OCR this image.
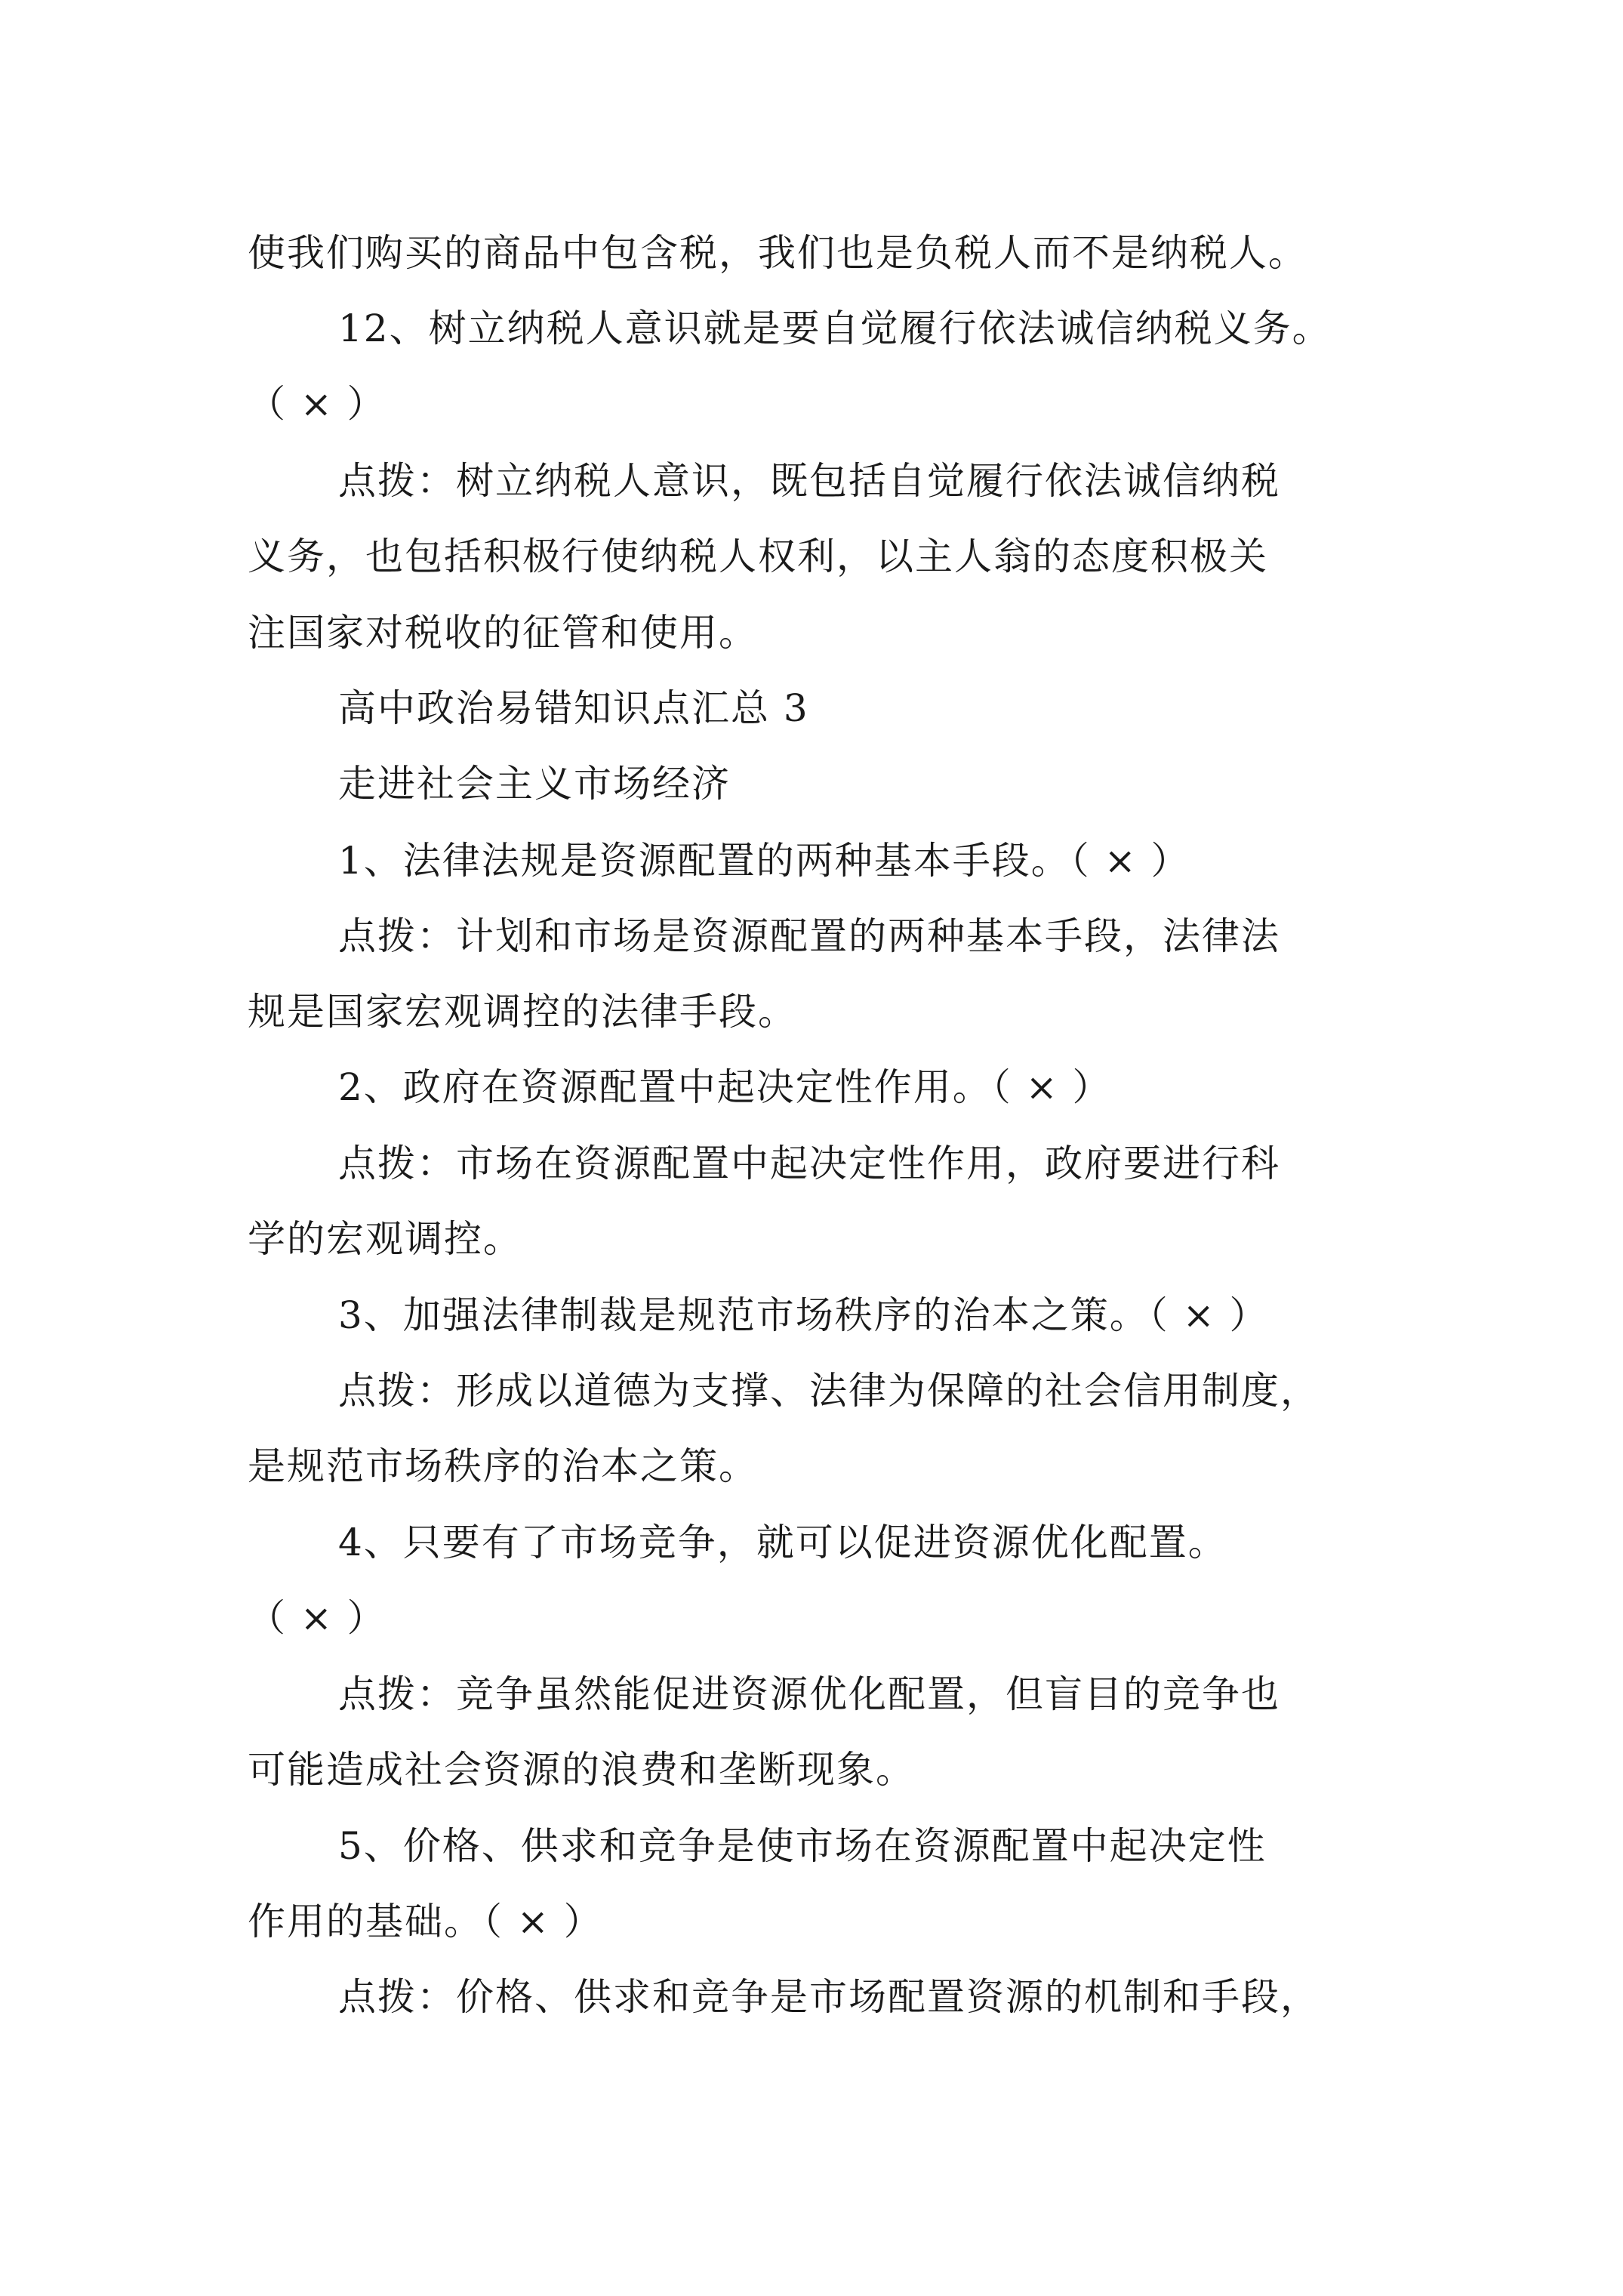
使我们购买的商品中包含税，我们也是负税人而不是纳税人。
12、树立纳税人意识就是要自觉履行依法诚信纳税义务。
（ × ）
点拨：树立纳税人意识，既包括自觉履行依法诚信纳税
义务，也包括积极行使纳税人权利，以主人翁的态度积极关
注国家对税收的征管和使用。
高中政治易错知识点汇总 3
走进社会主义市场经济
1、法律法规是资源配置的两种基本手段。（ × ）
点拨：计划和市场是资源配置的两种基本手段，法律法
规是国家宏观调控的法律手段。
2、政府在资源配置中起决定性作用。（ × ）
点拨：市场在资源配置中起决定性作用，政府要进行科
学的宏观调控。
3、加强法律制裁是规范市场秩序的治本之策。（ × ）
点拨：形成以道德为支撑、法律为保障的社会信用制度，
是规范市场秩序的治本之策。
4、只要有了市场竞争，就可以促进资源优化配置。
（ × ）
点拨：竞争虽然能促进资源优化配置，但盲目的竞争也
可能造成社会资源的浪费和垄断现象。
5、价格、供求和竞争是使市场在资源配置中起决定性
作用的基础。（ × ）
点拨：价格、供求和竞争是市场配置资源的机制和手段，
